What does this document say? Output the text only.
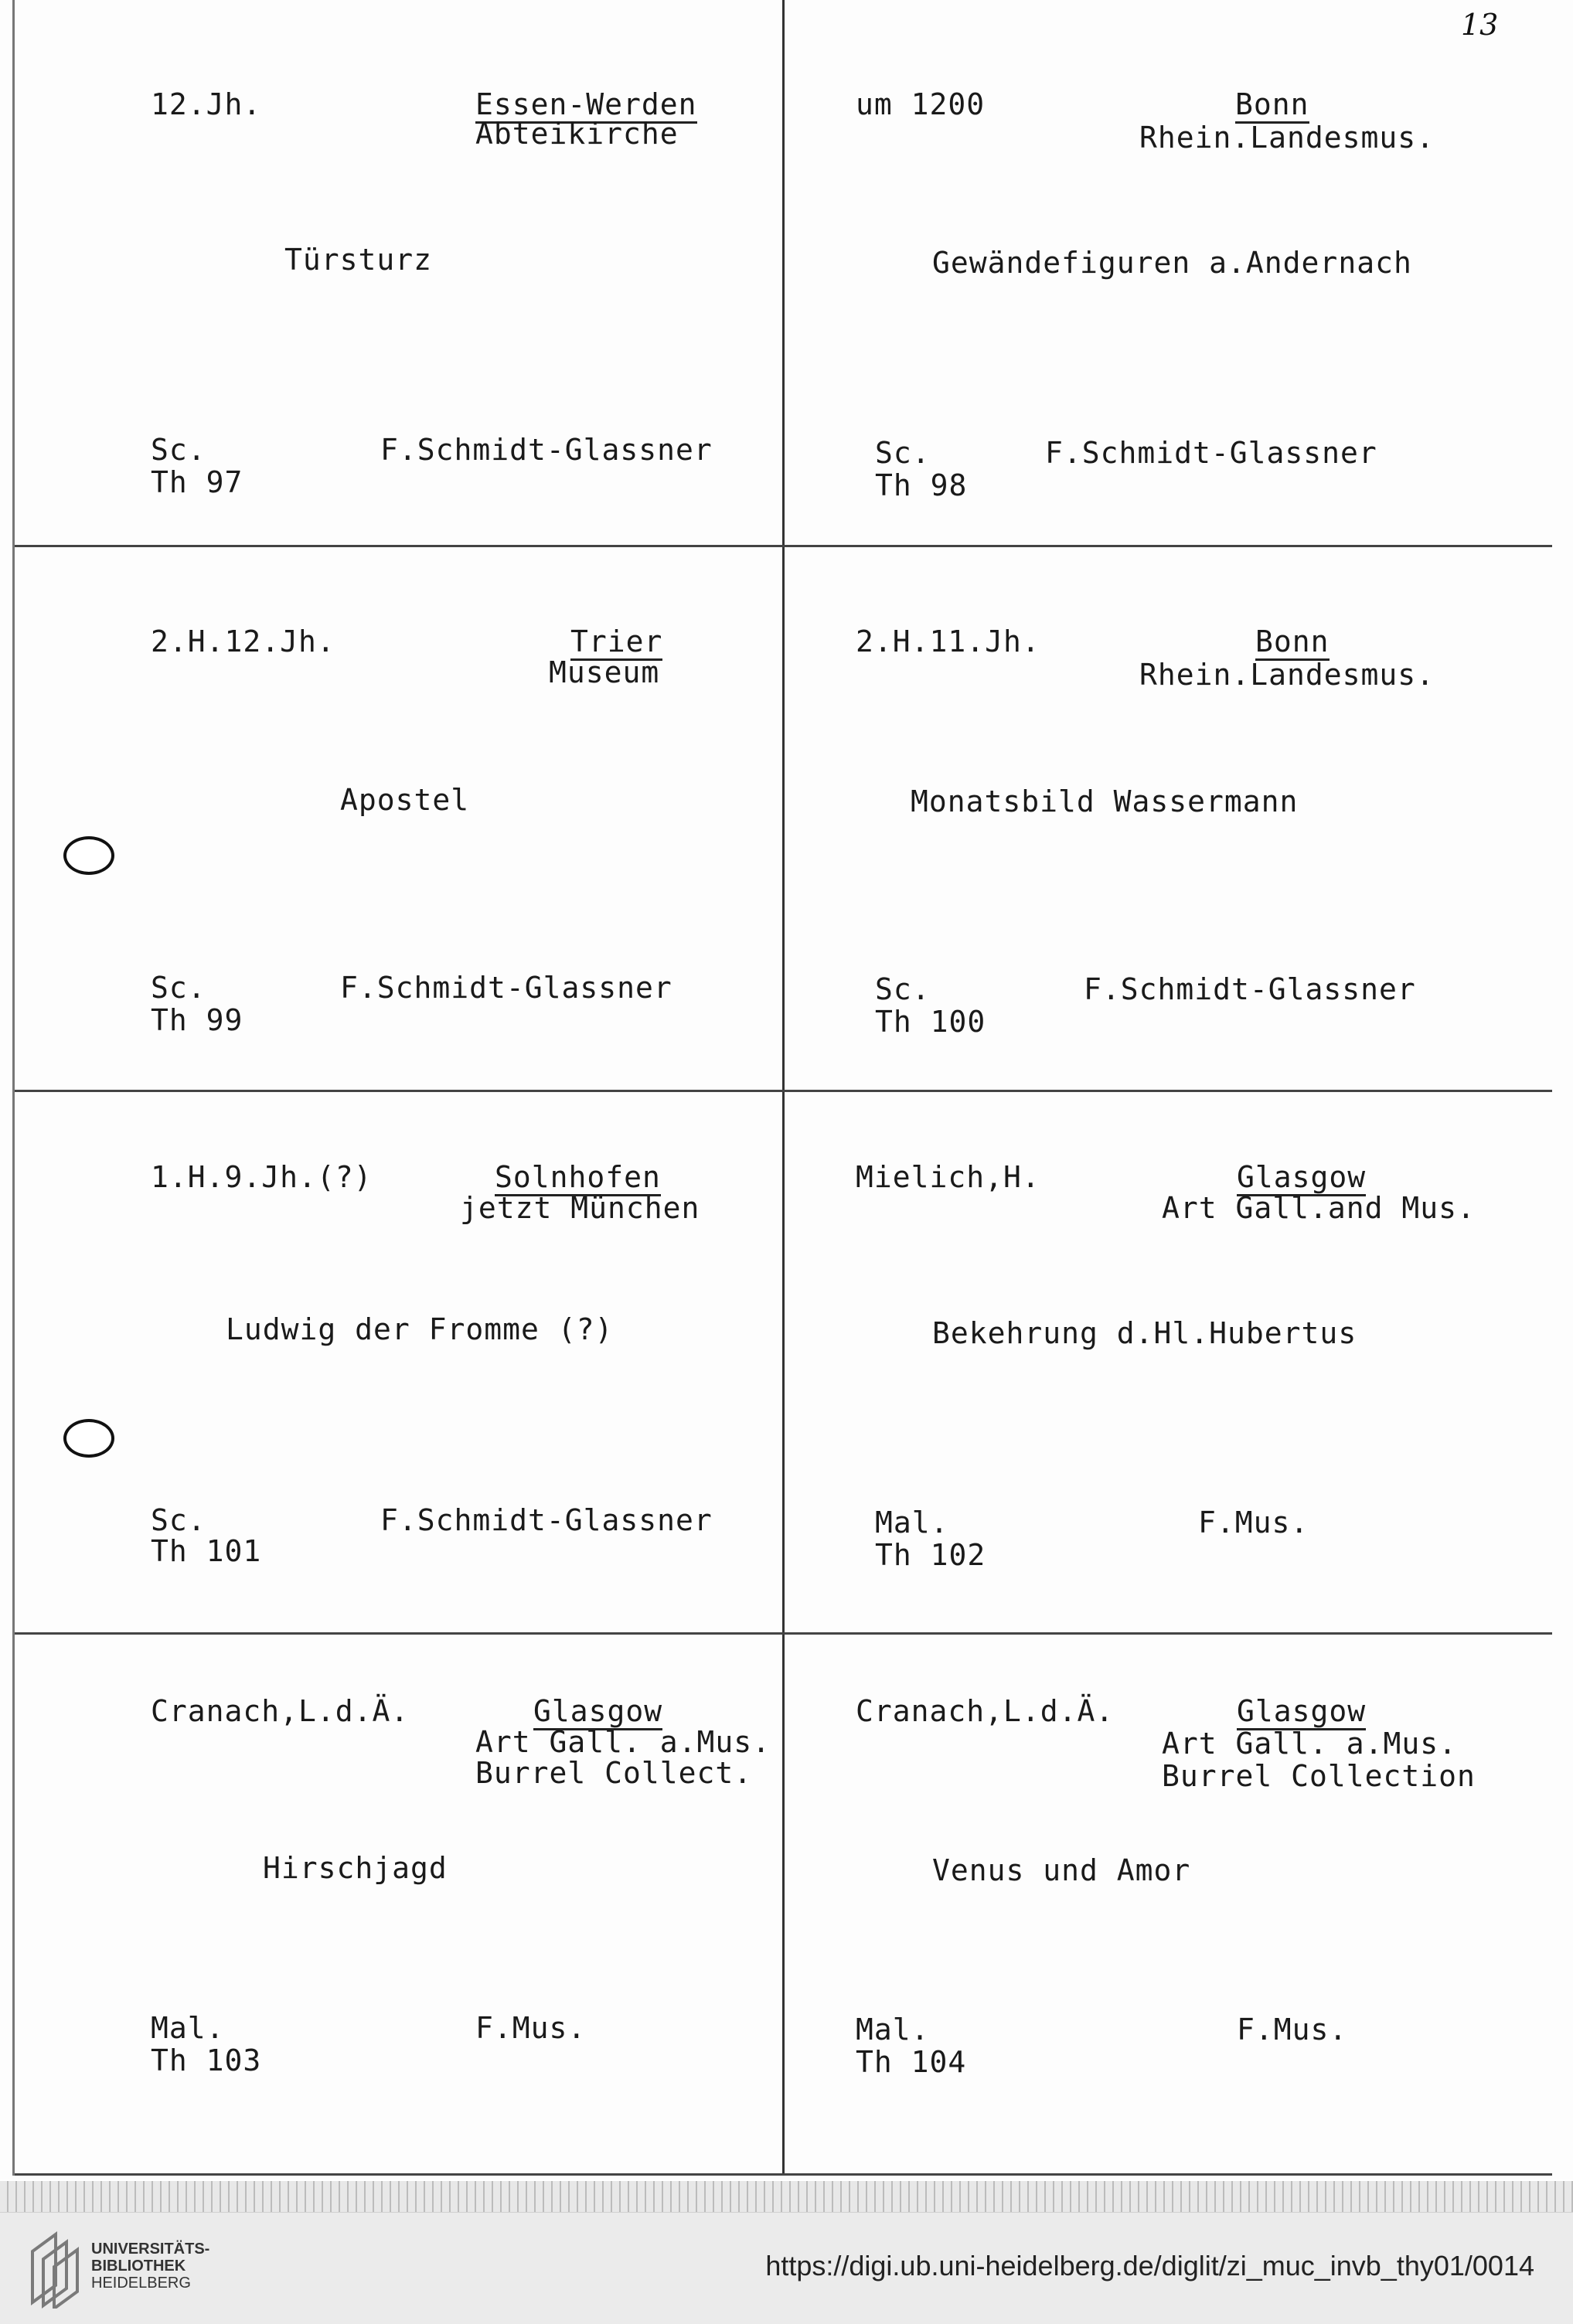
13
12.Jh.	Essen-Werden
Abteikirche
Türsturz
Sc.	F.Schmidt-Glassner
Th 97
um 1200	Bonn
Rhein.Landesmus.
Gewändefiguren a.Andernach
Sc.	F.Schmidt-Glassner
Th 98
2.H.12.Jh.	Trier
Museum
Apostel
Sc.	F.Schmidt-Glassner
Th 99
2.H.11.Jh.	Bonn
Rhein.Landesmus.
Monatsbild Wassermann
Sc.	F.Schmidt-Glassner
Th 100
1.H.9.Jh.(?)	Solnhofen
jetzt München
Ludwig der Fromme (?)
Sc.	F.Schmidt-Glassner
Th 101
Mielich,H.	Glasgow
Art Gall.and Mus.
Bekehrung d.Hl.Hubertus
Mal.	F.Mus.
Th 102
Cranach,L.d.Ä.	Glasgow
Art Gall. a.Mus.
Burrel Collect.
Hirschjagd
Mal.	F.Mus.
Th 103
Cranach,L.d.Ä.	Glasgow
Art Gall. a.Mus.
Burrel Collection
Venus und Amor
Mal.	F.Mus.
Th 104
UNIVERSITÄTS-
BIBLIOTHEK
HEIDELBERG
https://digi.ub.uni-heidelberg.de/diglit/zi_muc_invb_thy01/0014
